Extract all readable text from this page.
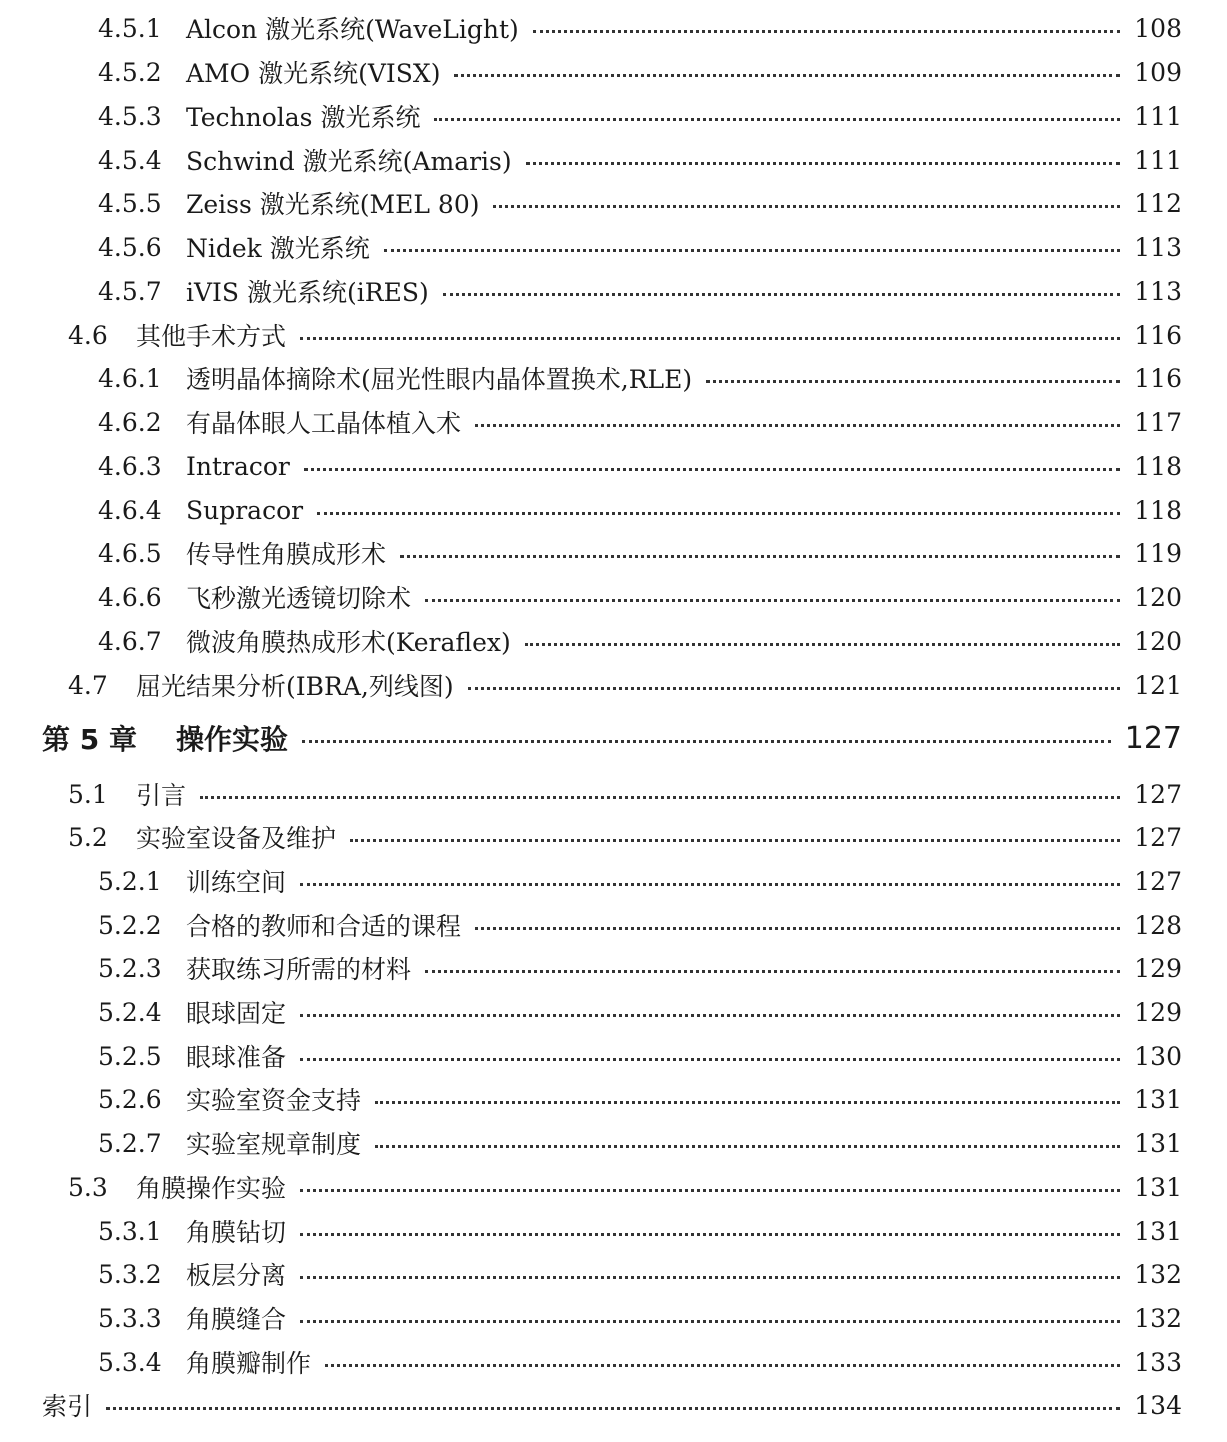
4.5.1 Alcon 激光系统(WaveLight)	108
4.5.2 AMO 激光系统(VISX)	109
4.5.3 Technolas 激光系统	111
4.5.4 Schwind 激光系统(Amaris)	111
4.5.5 Zeiss 激光系统(MEL 80)	112
4.5.6 Nidek 激光系统	113
4.5.7 iVIS 激光系统(iRES)	113
4.6 其他手术方式	116
4.6.1 透明晶体摘除术(屈光性眼内晶体置换术,RLE)	116
4.6.2 有晶体眼人工晶体植入术	117
4.6.3 Intracor	118
4.6.4 Supracor	118
4.6.5 传导性角膜成形术	119
4.6.6 飞秒激光透镜切除术	120
4.6.7 微波角膜热成形术(Keraflex)	120
4.7 屈光结果分析(IBRA,列线图)	121
第 5 章 操作实验	127
5.1 引言	127
5.2 实验室设备及维护	127
5.2.1 训练空间	127
5.2.2 合格的教师和合适的课程	128
5.2.3 获取练习所需的材料	129
5.2.4 眼球固定	129
5.2.5 眼球准备	130
5.2.6 实验室资金支持	131
5.2.7 实验室规章制度	131
5.3 角膜操作实验	131
5.3.1 角膜钻切	131
5.3.2 板层分离	132
5.3.3 角膜缝合	132
5.3.4 角膜瓣制作	133
索引	134
